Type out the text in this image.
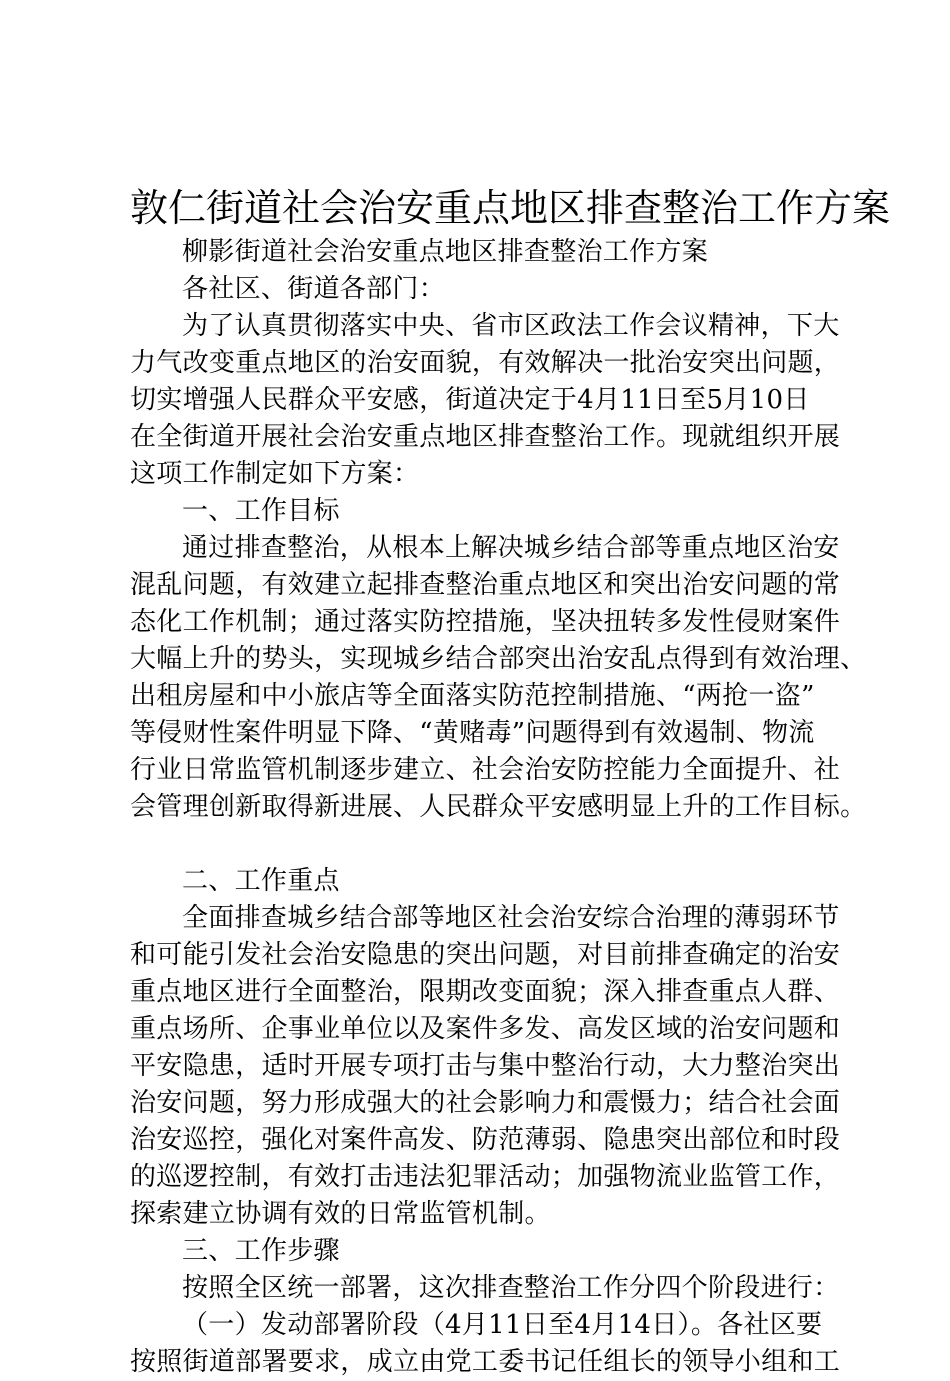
敦仁街道社会治安重点地区排查整治工作方案
柳影街道社会治安重点地区排查整治工作方案
各社区、街道各部门：
为了认真贯彻落实中央、省市区政法工作会议精神，下大
力气改变重点地区的治安面貌，有效解决一批治安突出问题，
切实增强人民群众平安感，街道决定于4月11日至5月10日
在全街道开展社会治安重点地区排查整治工作。现就组织开展
这项工作制定如下方案：
一、工作目标
通过排查整治，从根本上解决城乡结合部等重点地区治安
混乱问题，有效建立起排查整治重点地区和突出治安问题的常
态化工作机制；通过落实防控措施，坚决扭转多发性侵财案件
大幅上升的势头，实现城乡结合部突出治安乱点得到有效治理、
出租房屋和中小旅店等全面落实防范控制措施、“两抢一盗”
等侵财性案件明显下降、“黄赌毒”问题得到有效遏制、物流
行业日常监管机制逐步建立、社会治安防控能力全面提升、社
会管理创新取得新进展、人民群众平安感明显上升的工作目标。
二、工作重点
全面排查城乡结合部等地区社会治安综合治理的薄弱环节
和可能引发社会治安隐患的突出问题，对目前排查确定的治安
重点地区进行全面整治，限期改变面貌；深入排查重点人群、
重点场所、企事业单位以及案件多发、高发区域的治安问题和
平安隐患，适时开展专项打击与集中整治行动，大力整治突出
治安问题，努力形成强大的社会影响力和震慑力；结合社会面
治安巡控，强化对案件高发、防范薄弱、隐患突出部位和时段
的巡逻控制，有效打击违法犯罪活动；加强物流业监管工作，
探索建立协调有效的日常监管机制。
三、工作步骤
按照全区统一部署，这次排查整治工作分四个阶段进行：
（一）发动部署阶段（4月11日至4月14日）。各社区要
按照街道部署要求，成立由党工委书记任组长的领导小组和工
